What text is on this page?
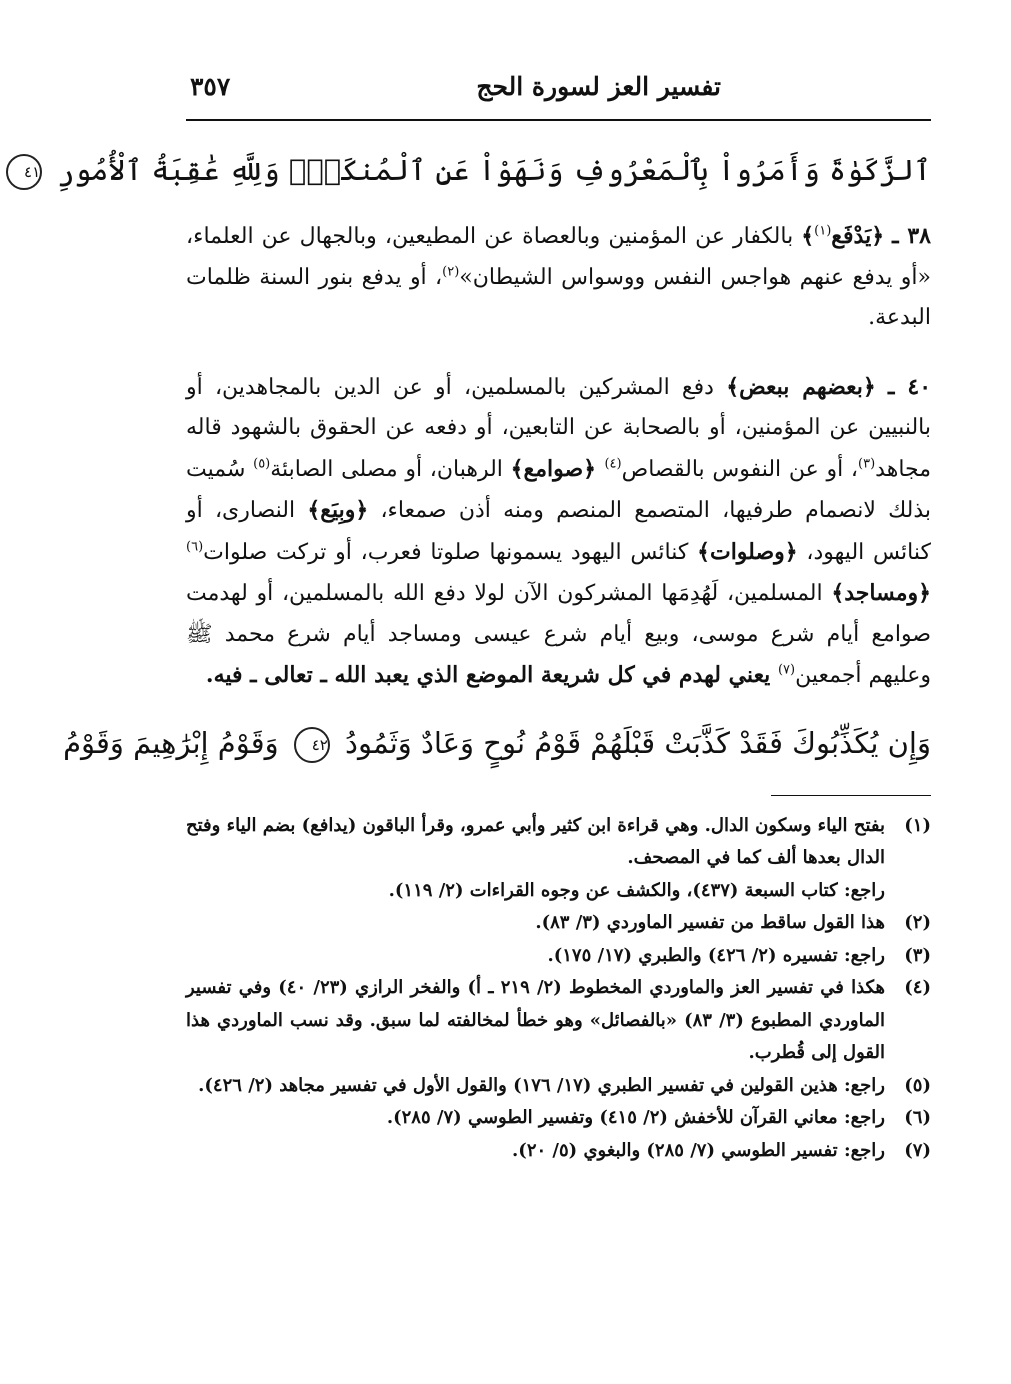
تفسير العز لسورة الحج
٣٥٧
ٱلزَّكَوٰةَ وَأَمَرُواْ بِٱلْمَعْرُوفِ وَنَهَوْاْ عَنِ ٱلْمُنكَرِۗ وَلِلَّهِ عَٰقِبَةُ ٱلْأُمُورِ ٤١

٣٨ ـ ﴿يَدْفَع$^{(١)}$﴾ بالكفار عن المؤمنين وبالعصاة عن المطيعين، وبالجهال عن العلماء، «أو يدفع عنهم هواجس النفس ووسواس الشيطان»$^{(٢)}$، أو يدفع بنور السنة ظلمات البدعة.

٤٠ ـ ﴿بعضهم ببعض﴾ دفع المشركين بالمسلمين، أو عن الدين بالمجاهدين، أو بالنبيين عن المؤمنين، أو بالصحابة عن التابعين، أو دفعه عن الحقوق بالشهود قاله مجاهد$^{(٣)}$، أو عن النفوس بالقصاص$^{(٤)}$ ﴿صوامع﴾ الرهبان، أو مصلى الصابئة$^{(٥)}$ سُميت بذلك لانصمام طرفيها، المتصمع المنصم ومنه أذن صمعاء، ﴿وبِيَع﴾ النصارى، أو كنائس اليهود، ﴿وصلوات﴾ كنائس اليهود يسمونها صلوتا فعرب، أو تركت صلوات$^{(٦)}$ ﴿ومساجد﴾ المسلمين، لَهُدِمَها المشركون الآن لولا دفع الله بالمسلمين، أو لهدمت صوامع أيام شرع موسى، وبيع أيام شرع عيسى ومساجد أيام شرع محمد ﷺ وعليهم أجمعين$^{(٧)}$ يعني لهدم في كل شريعة الموضع الذي يعبد الله ـ تعالى ـ فيه.

وَإِن يُكَذِّبُوكَ فَقَدْ كَذَّبَتْ قَبْلَهُمْ قَوْمُ نُوحٍ وَعَادٌ وَثَمُودُ ٤٢ وَقَوْمُ إِبْرَٰهِيمَ وَقَوْمُ
(١)
بفتح الياء وسكون الدال. وهي قراءة ابن كثير وأبي عمرو، وقرأ الباقون (يدافع) بضم الياء وفتح الدال بعدها ألف كما في المصحف.
راجع: كتاب السبعة (٤٣٧)، والكشف عن وجوه القراءات (٢/ ١١٩).
(٢)
هذا القول ساقط من تفسير الماوردي (٣/ ٨٣).
(٣)
راجع: تفسيره (٢/ ٤٢٦) والطبري (١٧/ ١٧٥).
(٤)
هكذا في تفسير العز والماوردي المخطوط (٢/ ٢١٩ ـ أ) والفخر الرازي (٢٣/ ٤٠) وفي تفسير الماوردي المطبوع (٣/ ٨٣) «بالفصائل» وهو خطأ لمخالفته لما سبق. وقد نسب الماوردي هذا القول إلى قُطرب.
(٥)
راجع: هذين القولين في تفسير الطبري (١٧/ ١٧٦) والقول الأول في تفسير مجاهد (٢/ ٤٢٦).
(٦)
راجع: معاني القرآن للأخفش (٢/ ٤١٥) وتفسير الطوسي (٧/ ٢٨٥).
(٧)
راجع: تفسير الطوسي (٧/ ٢٨٥) والبغوي (٥/ ٢٠).
